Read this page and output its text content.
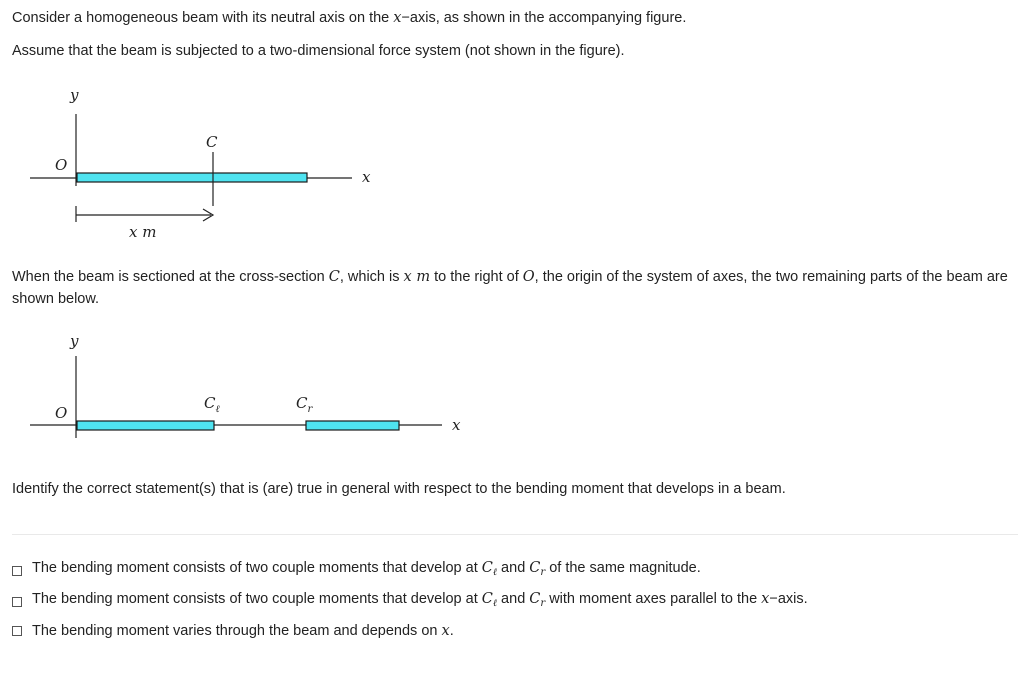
Consider a homogeneous beam with its neutral axis on the x−axis, as shown in the accompanying figure.

Assume that the beam is subjected to a two-dimensional force system (not shown in the figure).

y
O
C
x
x m

When the beam is sectioned at the cross-section C, which is x m to the right of O, the origin of the system of axes, the two remaining parts of the beam are shown below.

y
O
$C_\ell$	$C_r$
x

Identify the correct statement(s) that is (are) true in general with respect to the bending moment that develops in a beam.

The bending moment consists of two couple moments that develop at $C_\ell$ and $C_r$ of the same magnitude.
The bending moment consists of two couple moments that develop at $C_\ell$ and $C_r$ with moment axes parallel to the x−axis.
The bending moment varies through the beam and depends on x.
